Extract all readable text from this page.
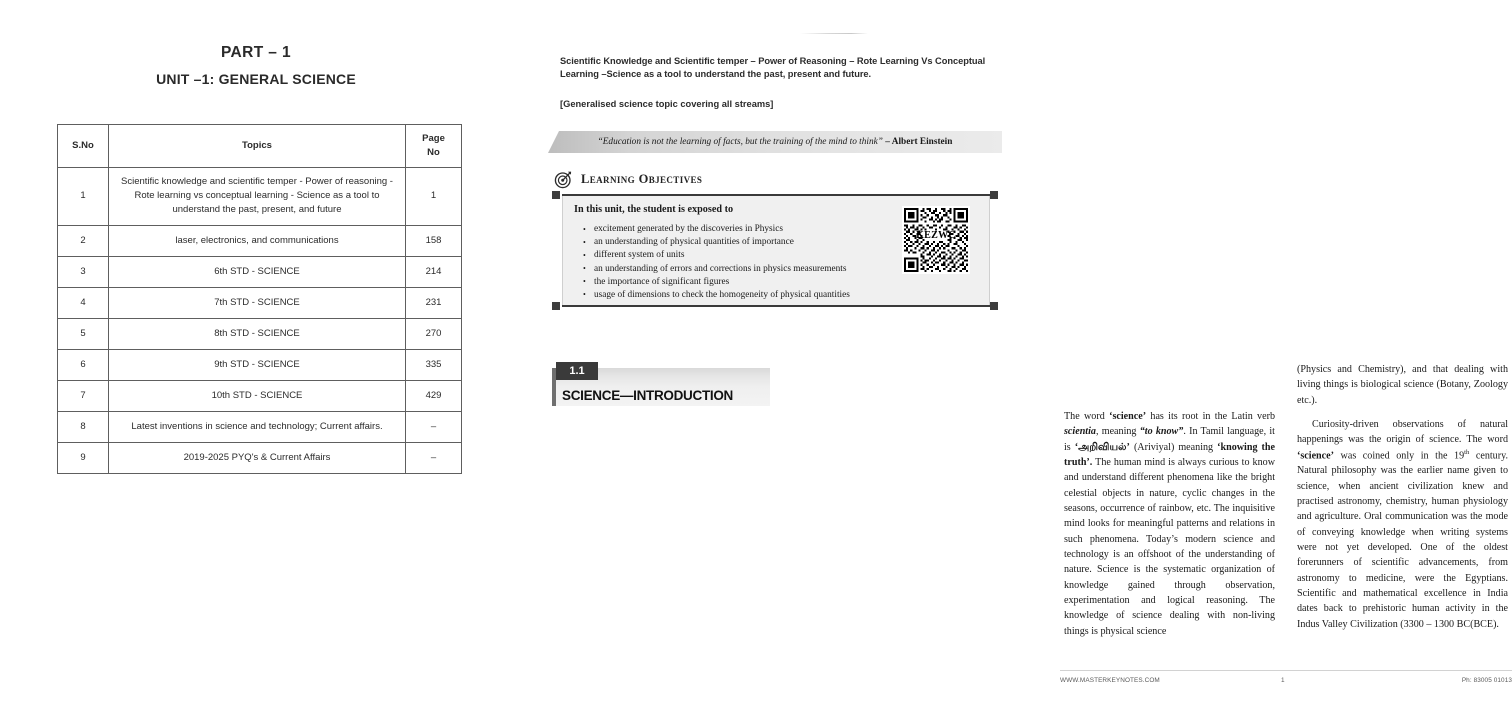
PART – 1
UNIT –1: GENERAL SCIENCE
S.No	Topics	Page
No
1	Scientific knowledge and scientific temper - Power of reasoning - Rote learning vs conceptual learning - Science as a tool to understand the past, present, and future	1
2	laser, electronics, and communications	158
3	6th STD - SCIENCE	214
4	7th STD - SCIENCE	231
5	8th STD - SCIENCE	270
6	9th STD - SCIENCE	335
7	10th STD - SCIENCE	429
8	Latest inventions in science and technology; Current affairs.	–
9	2019-2025 PYQ's & Current Affairs	–
Scientific Knowledge and Scientific temper – Power of Reasoning – Rote Learning Vs Conceptual Learning –Science as a tool to understand the past, present and future.
[Generalised science topic covering all streams]
“Education is not the learning of facts, but the training of the mind to think”
– Albert Einstein
Learning Objectives
In this unit, the student is exposed to
• excitement generated by the discoveries in Physics
• an understanding of physical quantities of importance
• different system of units
• an understanding of errors and corrections in physics measurements
• the importance of significant figures
• usage of dimensions to check the homogeneity of physical quantities
KEZWC
1.1
SCIENCE—INTRODUCTION

The word ‘science’ has its root in the Latin verb scientia, meaning “to know”. In Tamil language, it is ‘அறிவியல்’ (Ariviyal) meaning ‘knowing the truth’. The human mind is always curious to know and understand different phenomena like the bright celestial objects in nature, cyclic changes in the seasons, occurrence of rainbow, etc. The inquisitive mind looks for meaningful patterns and relations in such phenomena. Today’s modern science and technology is an offshoot of the understanding of nature. Science is the systematic organization of knowledge gained through observation, experimentation and logical reasoning. The knowledge of science dealing with non-living things is physical science

(Physics and Chemistry), and that dealing with living things is biological science (Botany, Zoology etc.).

Curiosity-driven observations of natural happenings was the origin of science. The word ‘science’ was coined only in the 19th century. Natural philosophy was the earlier name given to science, when ancient civilization knew and practised astronomy, chemistry, human physiology and agriculture. Oral communication was the mode of conveying knowledge when writing systems were not yet developed. One of the oldest forerunners of scientific advancements, from astronomy to medicine, were the Egyptians. Scientific and mathematical excellence in India dates back to prehistoric human activity in the Indus Valley Civilization (3300 – 1300 BC(BCE).

WWW.MASTERKEYNOTES.COM	1	Ph: 83005 01013
